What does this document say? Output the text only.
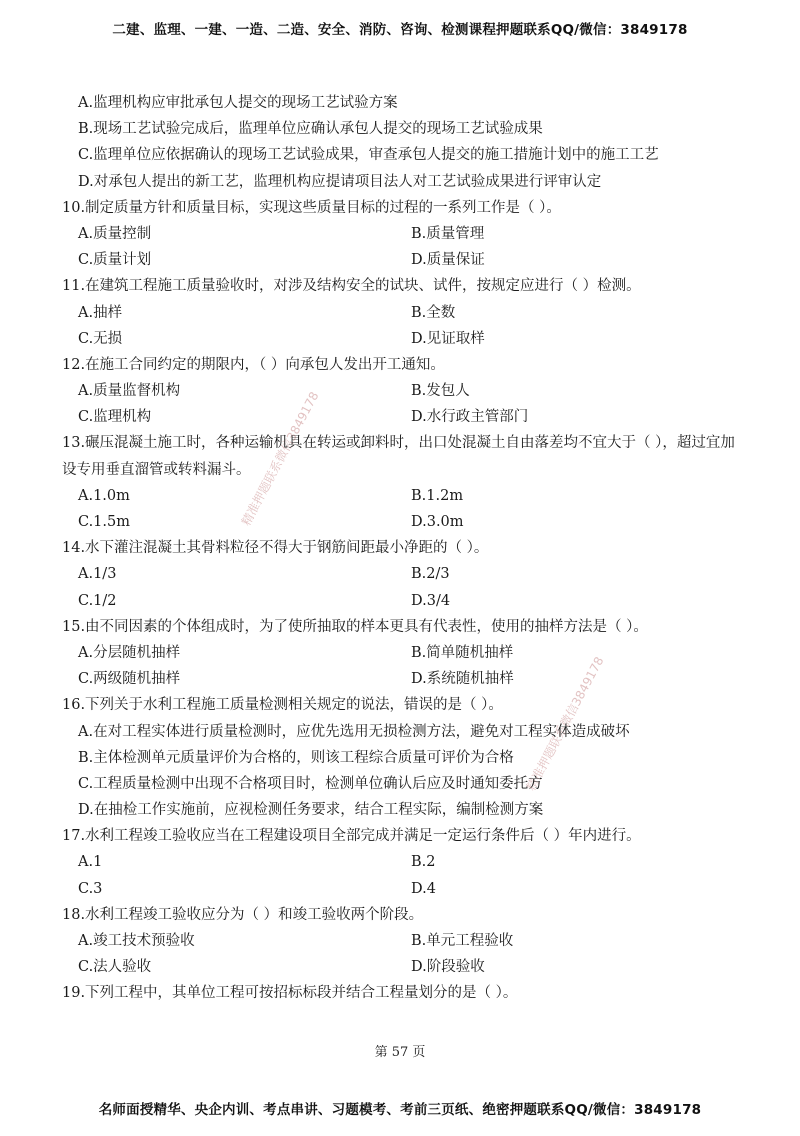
二建、监理、一建、一造、二造、安全、消防、咨询、检测课程押题联系QQ/微信：3849178
精准押题联系微信3849178
精准押题联系微信3849178
A.监理机构应审批承包人提交的现场工艺试验方案
B.现场工艺试验完成后，监理单位应确认承包人提交的现场工艺试验成果
C.监理单位应依据确认的现场工艺试验成果，审查承包人提交的施工措施计划中的施工工艺
D.对承包人提出的新工艺，监理机构应提请项目法人对工艺试验成果进行评审认定
10.制定质量方针和质量目标，实现这些质量目标的过程的一系列工作是（ ）。
A.质量控制	B.质量管理
C.质量计划	D.质量保证
11.在建筑工程施工质量验收时，对涉及结构安全的试块、试件，按规定应进行（ ）检测。
A.抽样	B.全数
C.无损	D.见证取样
12.在施工合同约定的期限内，（ ）向承包人发出开工通知。
A.质量监督机构	B.发包人
C.监理机构	D.水行政主管部门
13.碾压混凝土施工时，各种运输机具在转运或卸料时，出口处混凝土自由落差均不宜大于（ ），超过宜加
设专用垂直溜管或转料漏斗。
A.1.0m	B.1.2m
C.1.5m	D.3.0m
14.水下灌注混凝土其骨料粒径不得大于钢筋间距最小净距的（ ）。
A.1/3	B.2/3
C.1/2	D.3/4
15.由不同因素的个体组成时，为了使所抽取的样本更具有代表性，使用的抽样方法是（ ）。
A.分层随机抽样	B.简单随机抽样
C.两级随机抽样	D.系统随机抽样
16.下列关于水利工程施工质量检测相关规定的说法，错误的是（ ）。
A.在对工程实体进行质量检测时，应优先选用无损检测方法，避免对工程实体造成破坏
B.主体检测单元质量评价为合格的，则该工程综合质量可评价为合格
C.工程质量检测中出现不合格项目时，检测单位确认后应及时通知委托方
D.在抽检工作实施前，应视检测任务要求，结合工程实际，编制检测方案
17.水利工程竣工验收应当在工程建设项目全部完成并满足一定运行条件后（ ）年内进行。
A.1	B.2
C.3	D.4
18.水利工程竣工验收应分为（ ）和竣工验收两个阶段。
A.竣工技术预验收	B.单元工程验收
C.法人验收	D.阶段验收
19.下列工程中，其单位工程可按招标标段并结合工程量划分的是（ ）。
第 57 页
名师面授精华、央企内训、考点串讲、习题模考、考前三页纸、绝密押题联系QQ/微信：3849178
